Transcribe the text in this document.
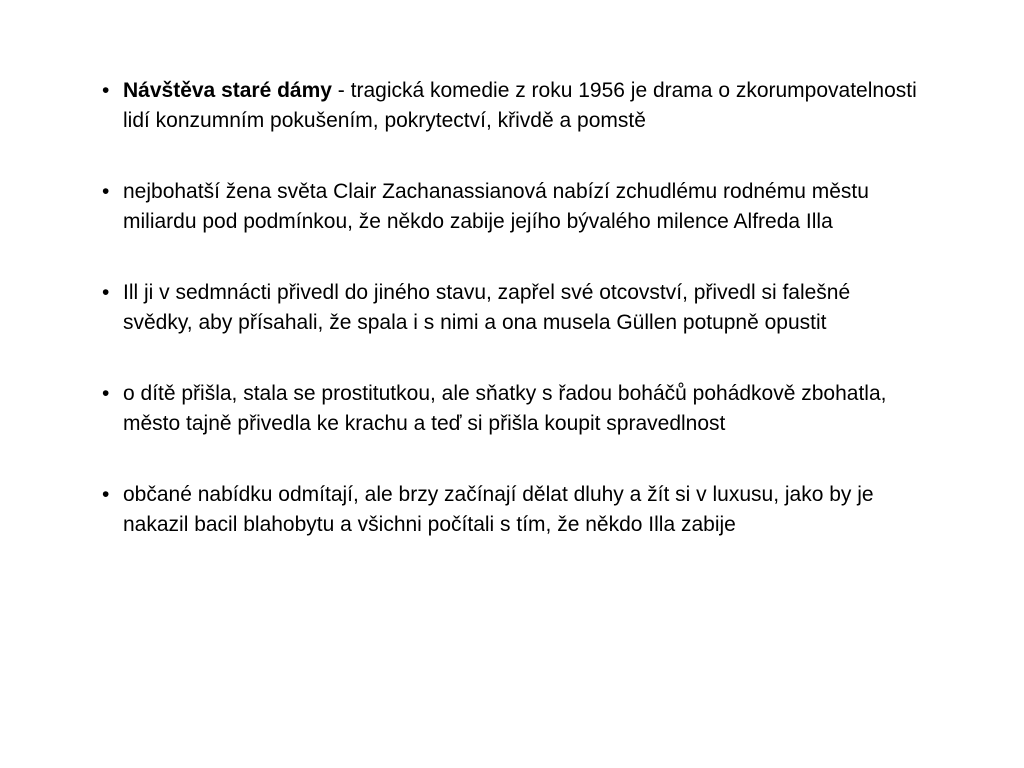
• Návštěva staré dámy - tragická komedie z roku 1956 je drama o zkorumpovatelnosti lidí konzumním pokušením, pokrytectví, křivdě a pomstě
• nejbohatší žena světa Clair Zachanassianová nabízí zchudlému rodnému městu miliardu pod podmínkou, že někdo zabije jejího bývalého milence Alfreda Illa
• Ill ji v sedmnácti přivedl do jiného stavu, zapřel své otcovství, přivedl si falešné svědky, aby přísahali, že spala i s nimi a ona musela Güllen potupně opustit
• o dítě přišla, stala se prostitutkou, ale sňatky s řadou boháčů pohádkově zbohatla, město tajně přivedla ke krachu a teď si přišla koupit spravedlnost
• občané nabídku odmítají, ale brzy začínají dělat dluhy a žít si v luxusu, jako by je nakazil bacil blahobytu a všichni počítali s tím, že někdo Illa zabije
